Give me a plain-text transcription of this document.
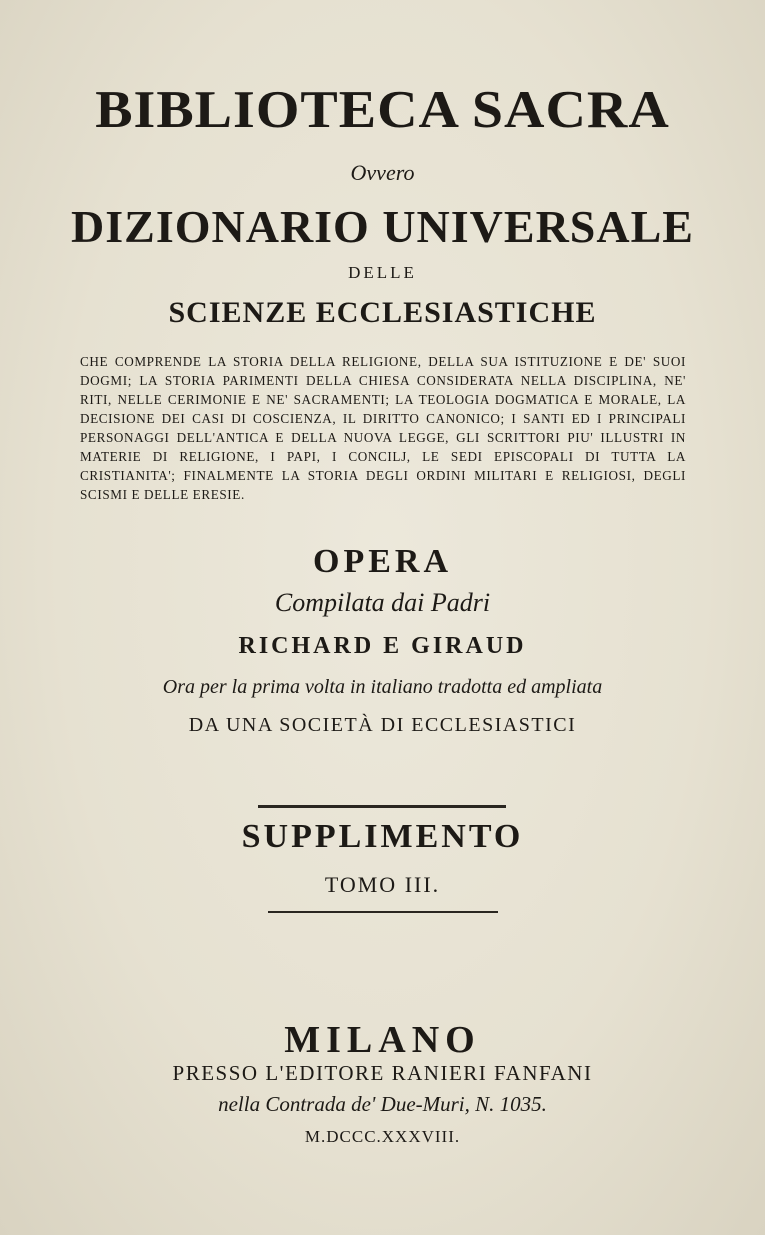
BIBLIOTECA SACRA
Ovvero
DIZIONARIO UNIVERSALE
DELLE
SCIENZE ECCLESIASTICHE
CHE COMPRENDE LA STORIA DELLA RELIGIONE, DELLA SUA ISTITUZIONE E DE' SUOI DOGMI; LA STORIA PARIMENTI DELLA CHIESA CONSIDERATA NELLA DISCIPLINA, NE' RITI, NELLE CERIMONIE E NE' SACRAMENTI; LA TEOLOGIA DOGMATICA E MORALE, LA DECISIONE DEI CASI DI COSCIENZA, IL DIRITTO CANONICO; I SANTI ED I PRINCIPALI PERSONAGGI DELL'ANTICA E DELLA NUOVA LEGGE, GLI SCRITTORI PIU' ILLUSTRI IN MATERIE DI RELIGIONE, I PAPI, I CONCILJ, LE SEDI EPISCOPALI DI TUTTA LA CRISTIANITA'; FINALMENTE LA STORIA DEGLI ORDINI MILITARI E RELIGIOSI, DEGLI SCISMI E DELLE ERESIE.
OPERA
Compilata dai Padri
RICHARD E GIRAUD
Ora per la prima volta in italiano tradotta ed ampliata
DA UNA SOCIETÀ DI ECCLESIASTICI
SUPPLIMENTO
TOMO III.
MILANO
PRESSO L'EDITORE RANIERI FANFANI
nella Contrada de' Due-Muri, N. 1035.
M.DCCC.XXXVIII.
